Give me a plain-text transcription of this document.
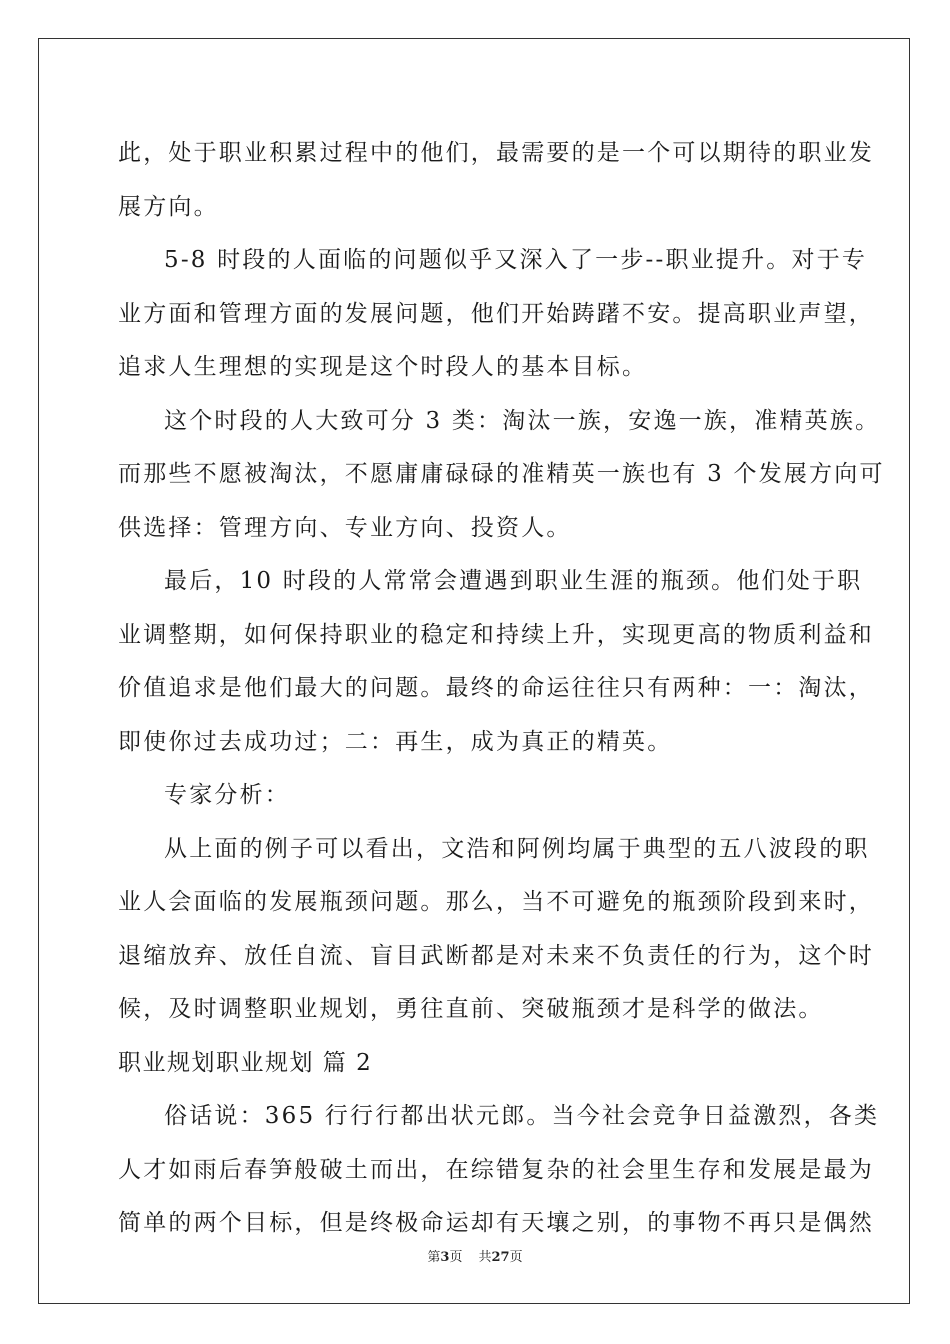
此，处于职业积累过程中的他们，最需要的是一个可以期待的职业发
展方向。
5-8 时段的人面临的问题似乎又深入了一步--职业提升。对于专
业方面和管理方面的发展问题，他们开始踌躇不安。提高职业声望，
追求人生理想的实现是这个时段人的基本目标。
这个时段的人大致可分 3 类：淘汰一族，安逸一族，准精英族。
而那些不愿被淘汰，不愿庸庸碌碌的准精英一族也有 3 个发展方向可
供选择：管理方向、专业方向、投资人。
最后，10 时段的人常常会遭遇到职业生涯的瓶颈。他们处于职
业调整期，如何保持职业的稳定和持续上升，实现更高的物质利益和
价值追求是他们最大的问题。最终的命运往往只有两种：一：淘汰，
即使你过去成功过；二：再生，成为真正的精英。
专家分析：
从上面的例子可以看出，文浩和阿例均属于典型的五八波段的职
业人会面临的发展瓶颈问题。那么，当不可避免的瓶颈阶段到来时，
退缩放弃、放任自流、盲目武断都是对未来不负责任的行为，这个时
候，及时调整职业规划，勇往直前、突破瓶颈才是科学的做法。
职业规划职业规划 篇 2
俗话说：365 行行行都出状元郎。当今社会竞争日益激烈，各类
人才如雨后春笋般破土而出，在综错复杂的社会里生存和发展是最为
简单的两个目标，但是终极命运却有天壤之别，的事物不再只是偶然
第3页 共27页
